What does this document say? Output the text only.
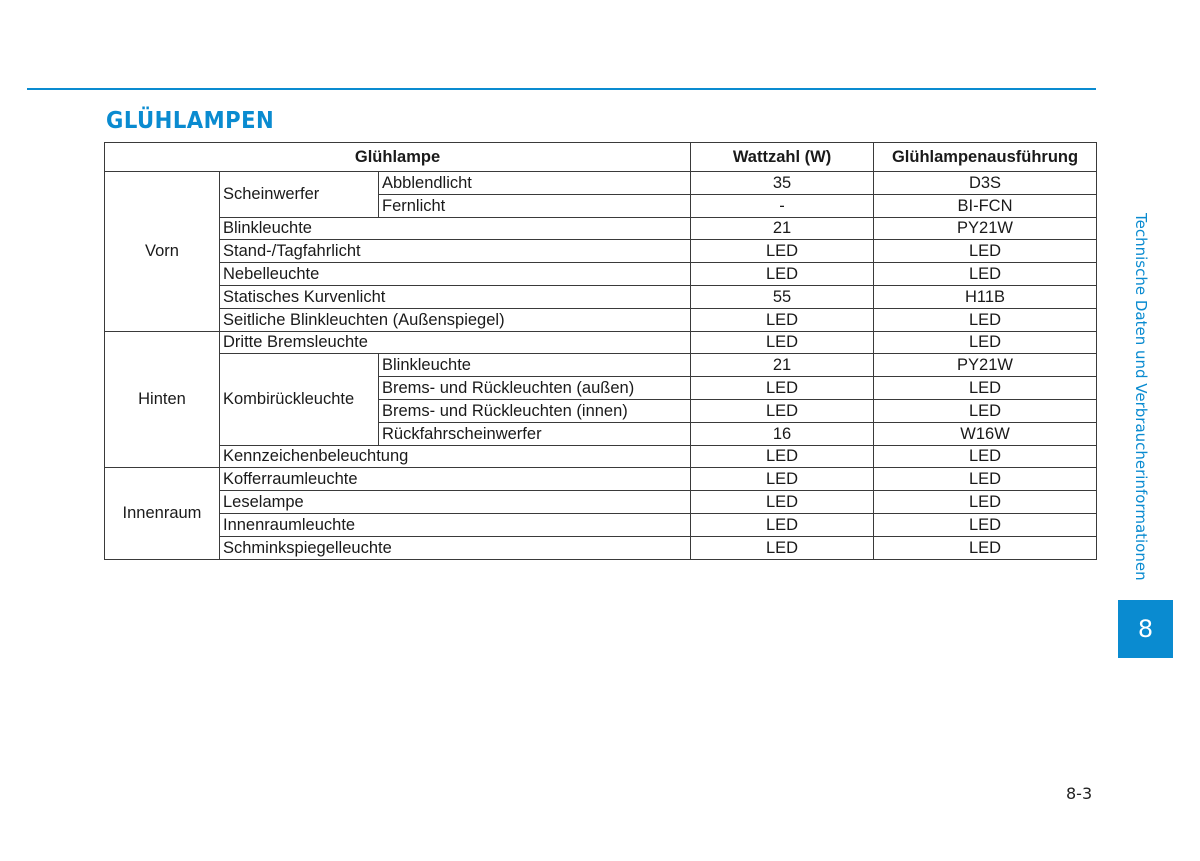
GLÜHLAMPEN
Glühlampe			Wattzahl (W)	Glühlampenausführung
Vorn	Scheinwerfer	Abblendlicht	35	D3S
		Fernlicht	-	BI-FCN
	Blinkleuchte		21	PY21W
	Stand-/Tagfahrlicht		LED	LED
	Nebelleuchte		LED	LED
	Statisches Kurvenlicht		55	H11B
	Seitliche Blinkleuchten (Außenspiegel)		LED	LED
Hinten	Dritte Bremsleuchte		LED	LED
	Kombirückleuchte	Blinkleuchte	21	PY21W
		Brems- und Rückleuchten (außen)	LED	LED
		Brems- und Rückleuchten (innen)	LED	LED
		Rückfahrscheinwerfer	16	W16W
	Kennzeichenbeleuchtung		LED	LED
Innenraum	Kofferraumleuchte		LED	LED
	Leselampe		LED	LED
	Innenraumleuchte		LED	LED
	Schminkspiegelleuchte		LED	LED	Technische Daten und Verbraucherinformationen
8
8-3
